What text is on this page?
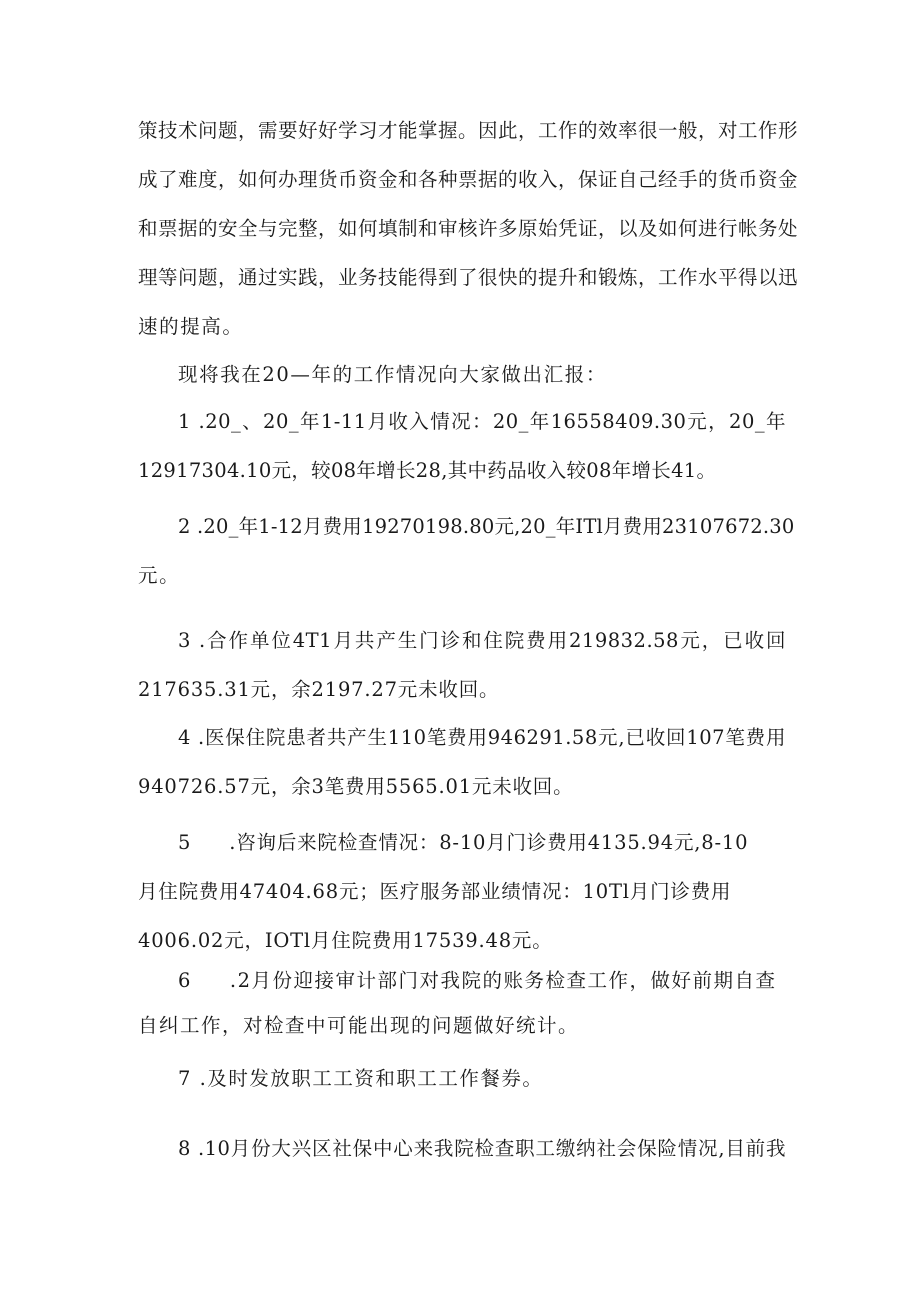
策技术问题，需要好好学习才能掌握。因此，工作的效率很一般，对工作形

成了难度，如何办理货币资金和各种票据的收入，保证自己经手的货币资金

和票据的安全与完整，如何填制和审核许多原始凭证，以及如何进行帐务处

理等问题，通过实践，业务技能得到了很快的提升和锻炼，工作水平得以迅

速的提高。

现将我在20—年的工作情况向大家做出汇报：

1 .20_、20_年1-11月收入情况：20_年16558409.30元，20_年

12917304.10元，较08年增长28,其中药品收入较08年增长41。

2 .20_年1-12月费用19270198.80元,20_年ITl月费用23107672.30

元。

3 .合作单位4T1月共产生门诊和住院费用219832.58元，已收回

217635.31元，余2197.27元未收回。

4 .医保住院患者共产生110笔费用946291.58元,已收回107笔费用

940726.57元，余3笔费用5565.01元未收回。

5 .咨询后来院检查情况：8-10月门诊费用4135.94元,8-10

月住院费用47404.68元；医疗服务部业绩情况：10Tl月门诊费用

4006.02元，IOTl月住院费用17539.48元。

6 .2月份迎接审计部门对我院的账务检查工作，做好前期自查

自纠工作，对检查中可能出现的问题做好统计。

7 .及时发放职工工资和职工工作餐券。

8 .10月份大兴区社保中心来我院检查职工缴纳社会保险情况,目前我
